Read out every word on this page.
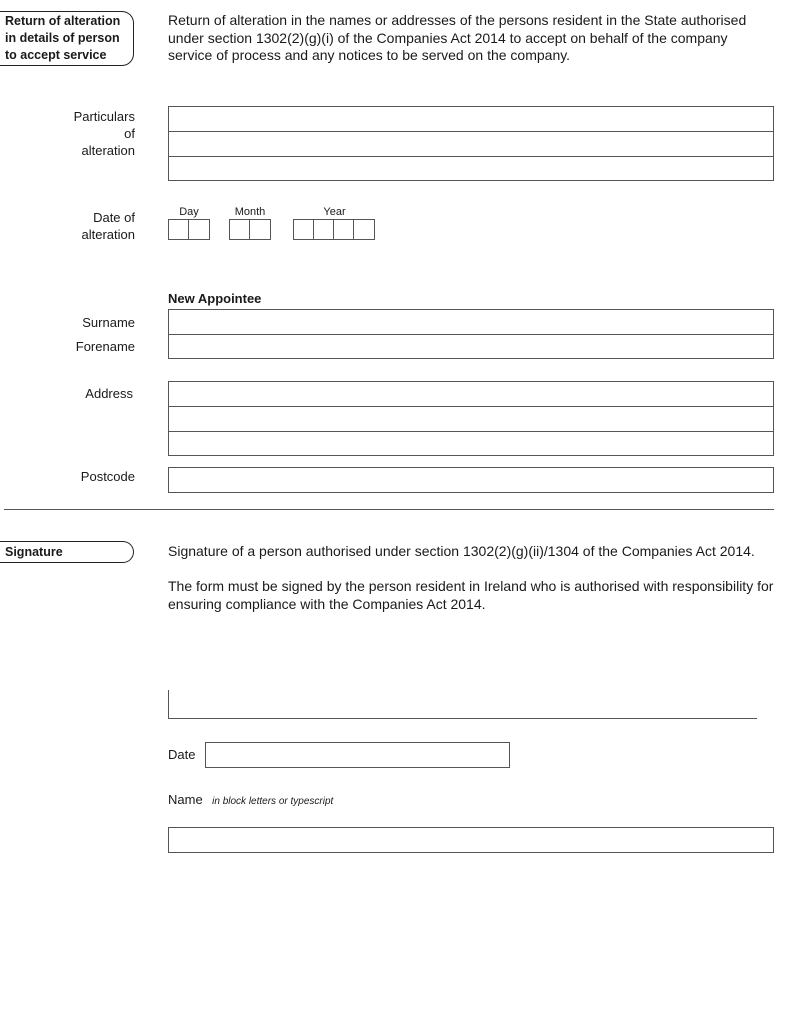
Return of alteration
in details of person
to accept service
Return of alteration in the names or addresses of the persons resident in the State authorised under section 1302(2)(g)(i) of the Companies Act 2014 to accept on behalf of the company service of process and any notices to be served on the company.
Particulars
of
alteration
Date of
alteration
Day	Month	Year
New Appointee
Surname
Forename
Address
Postcode
Signature	Signature of a person authorised under section 1302(2)(g)(ii)/1304 of the Companies Act 2014.
The form must be signed by the person resident in Ireland who is authorised with responsibility for ensuring compliance with the Companies Act 2014.
Date
Name in block letters or typescript
